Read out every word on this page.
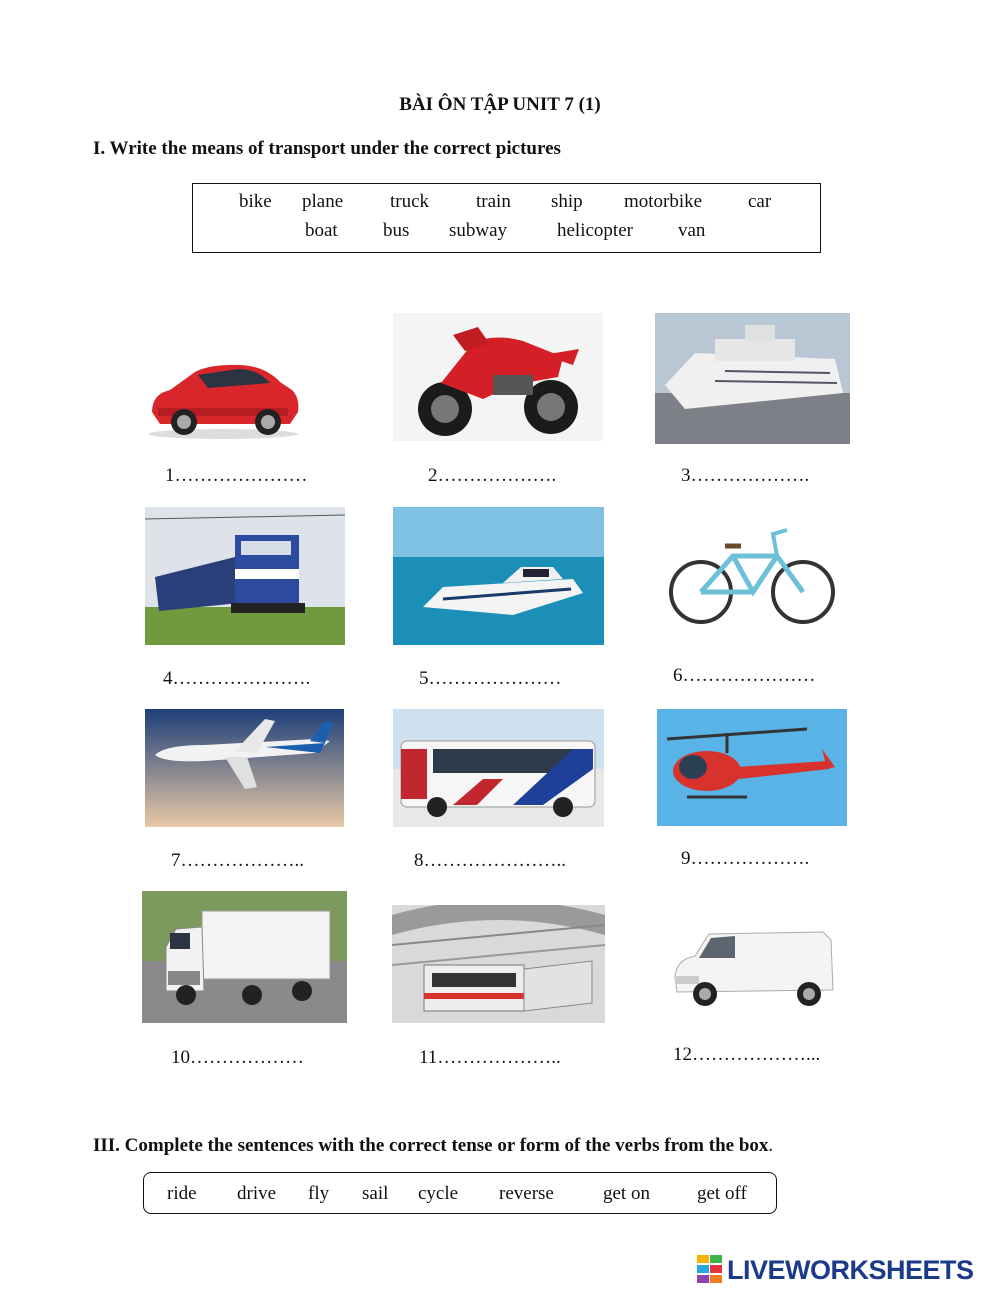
BÀI ÔN TẬP UNIT 7 (1)
I. Write the means of transport under the correct pictures
bike plane truck train ship motorbike car
boat bus subway	helicopter van
1…………………	2……………….	3……………….
4………………….	5…………………	6…………………
7………………..	8…………………..	9……………….
10………………	11………………..	12………………...
III. Complete the sentences with the correct tense or form of the verbs from the box.
ride drive fly sail cycle reverse	get on get off
LIVEWORKSHEETS
